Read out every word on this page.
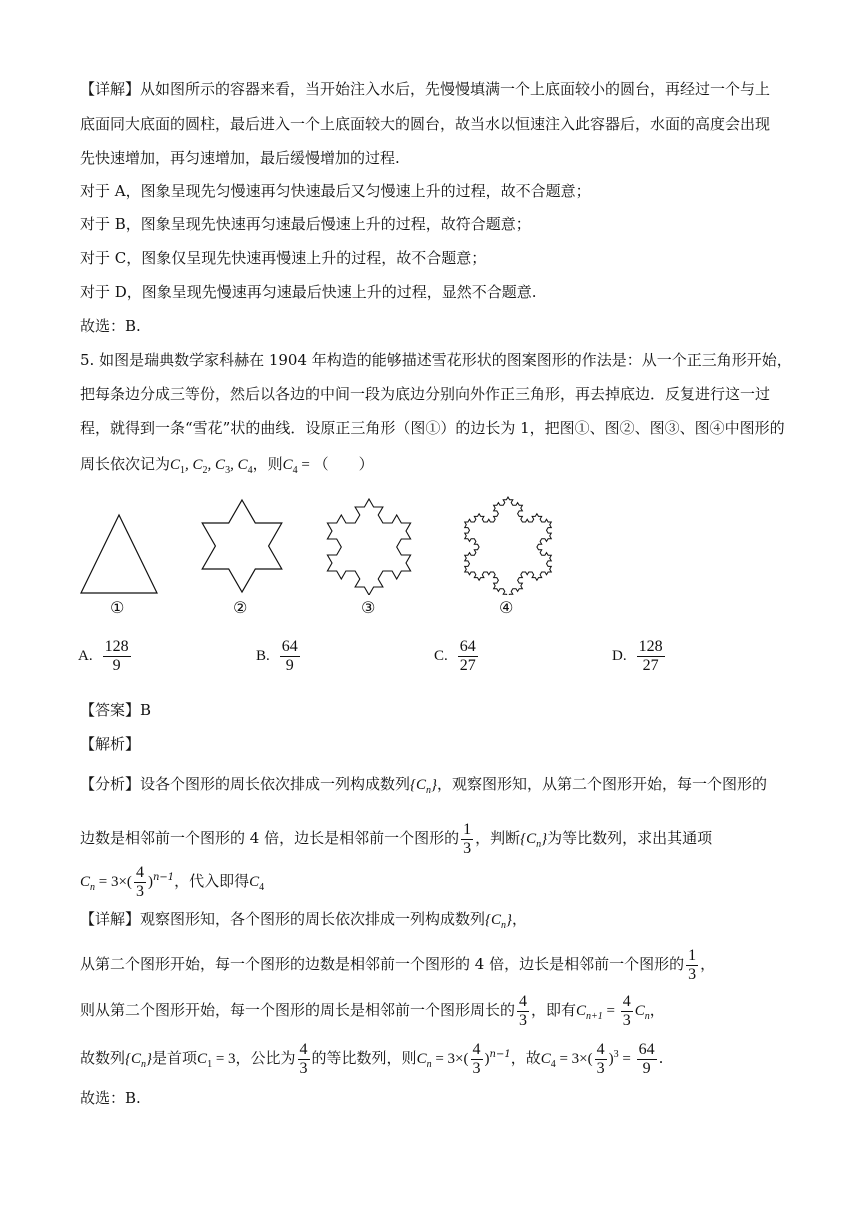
【详解】从如图所示的容器来看，当开始注入水后，先慢慢填满一个上底面较小的圆台，再经过一个与上
底面同大底面的圆柱，最后进入一个上底面较大的圆台，故当水以恒速注入此容器后，水面的高度会出现
先快速增加，再匀速增加，最后缓慢增加的过程.
对于 A，图象呈现先匀慢速再匀快速最后又匀慢速上升的过程，故不合题意；
对于 B，图象呈现先快速再匀速最后慢速上升的过程，故符合题意；
对于 C，图象仅呈现先快速再慢速上升的过程，故不合题意；
对于 D，图象呈现先慢速再匀速最后快速上升的过程，显然不合题意.
故选：B.
5. 如图是瑞典数学家科赫在 1904 年构造的能够描述雪花形状的图案图形的作法是：从一个正三角形开始，
把每条边分成三等份，然后以各边的中间一段为底边分别向外作正三角形，再去掉底边．反复进行这一过
程，就得到一条“雪花”状的曲线．设原正三角形（图①）的边长为 1，把图①、图②、图③、图④中图形的
周长依次记为$C_1$, $C_2$, $C_3$, $C_4$，则$C_4$ = （　　）
①	②	③	④
A. $\frac{128}{9}$	B. $\frac{64}{9}$	C. $\frac{64}{27}$	D. $\frac{128}{27}$
【答案】B
【解析】
【分析】设各个图形的周长依次排成一列构成数列$\{C_n\}$，观察图形知，从第二个图形开始，每一个图形的
边数是相邻前一个图形的 4 倍，边长是相邻前一个图形的 $\frac{1}{3}$ ，判断$\{C_n\}$为等比数列，求出其通项
$C_n = 3\times( \frac{4}{3} )^{n-1}$，代入即得$C_4$
【详解】观察图形知，各个图形的周长依次排成一列构成数列$\{C_n\}$，
从第二个图形开始，每一个图形的边数是相邻前一个图形的 4 倍，边长是相邻前一个图形的 $\frac{1}{3}$ ，
则从第二个图形开始，每一个图形的周长是相邻前一个图形周长的 $\frac{4}{3}$ ，即有$C_{n+1} = \frac{4}{3} C_n$，
故数列$\{C_n\}$是首项$C_1 = 3$，公比为 $\frac{4}{3}$ 的等比数列，则$C_n = 3\times( \frac{4}{3} )^{n-1}$，故$C_4 = 3\times( \frac{4}{3} )^3 = \frac{64}{9}$ .
故选：B.
